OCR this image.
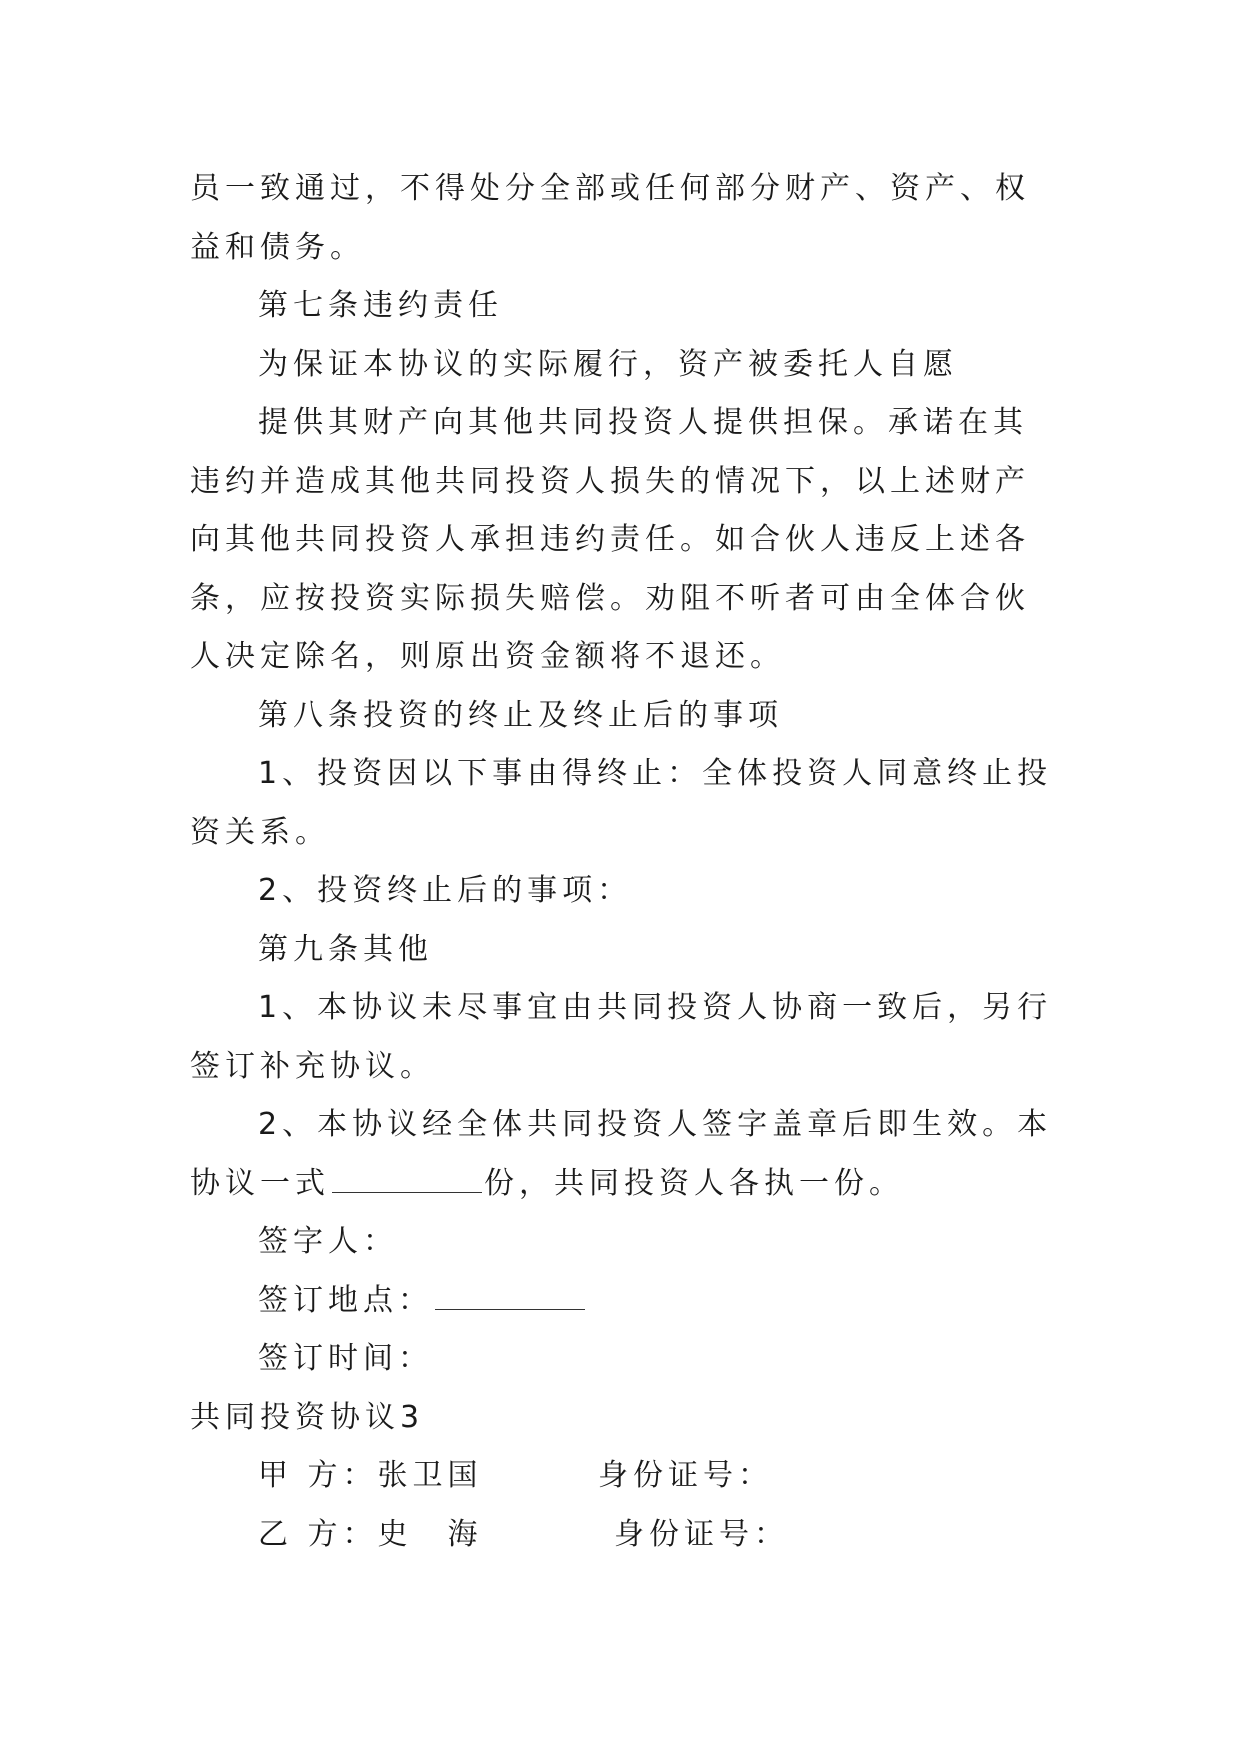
员一致通过，不得处分全部或任何部分财产、资产、权益和债务。

第七条违约责任

为保证本协议的实际履行，资产被委托人自愿

提供其财产向其他共同投资人提供担保。承诺在其违约并造成其他共同投资人损失的情况下，以上述财产向其他共同投资人承担违约责任。如合伙人违反上述各条，应按投资实际损失赔偿。劝阻不听者可由全体合伙人决定除名，则原出资金额将不退还。

第八条投资的终止及终止后的事项

1、投资因以下事由得终止：全体投资人同意终止投资关系。

2、投资终止后的事项：

第九条其他

1、本协议未尽事宜由共同投资人协商一致后，另行签订补充协议。

2、本协议经全体共同投资人签字盖章后即生效。本协议一式	份，共同投资人各执一份。

签字人：

签订地点：

签订时间：

共同投资协议3

甲 方：张卫国	身份证号：

乙 方：史　海	身份证号：
